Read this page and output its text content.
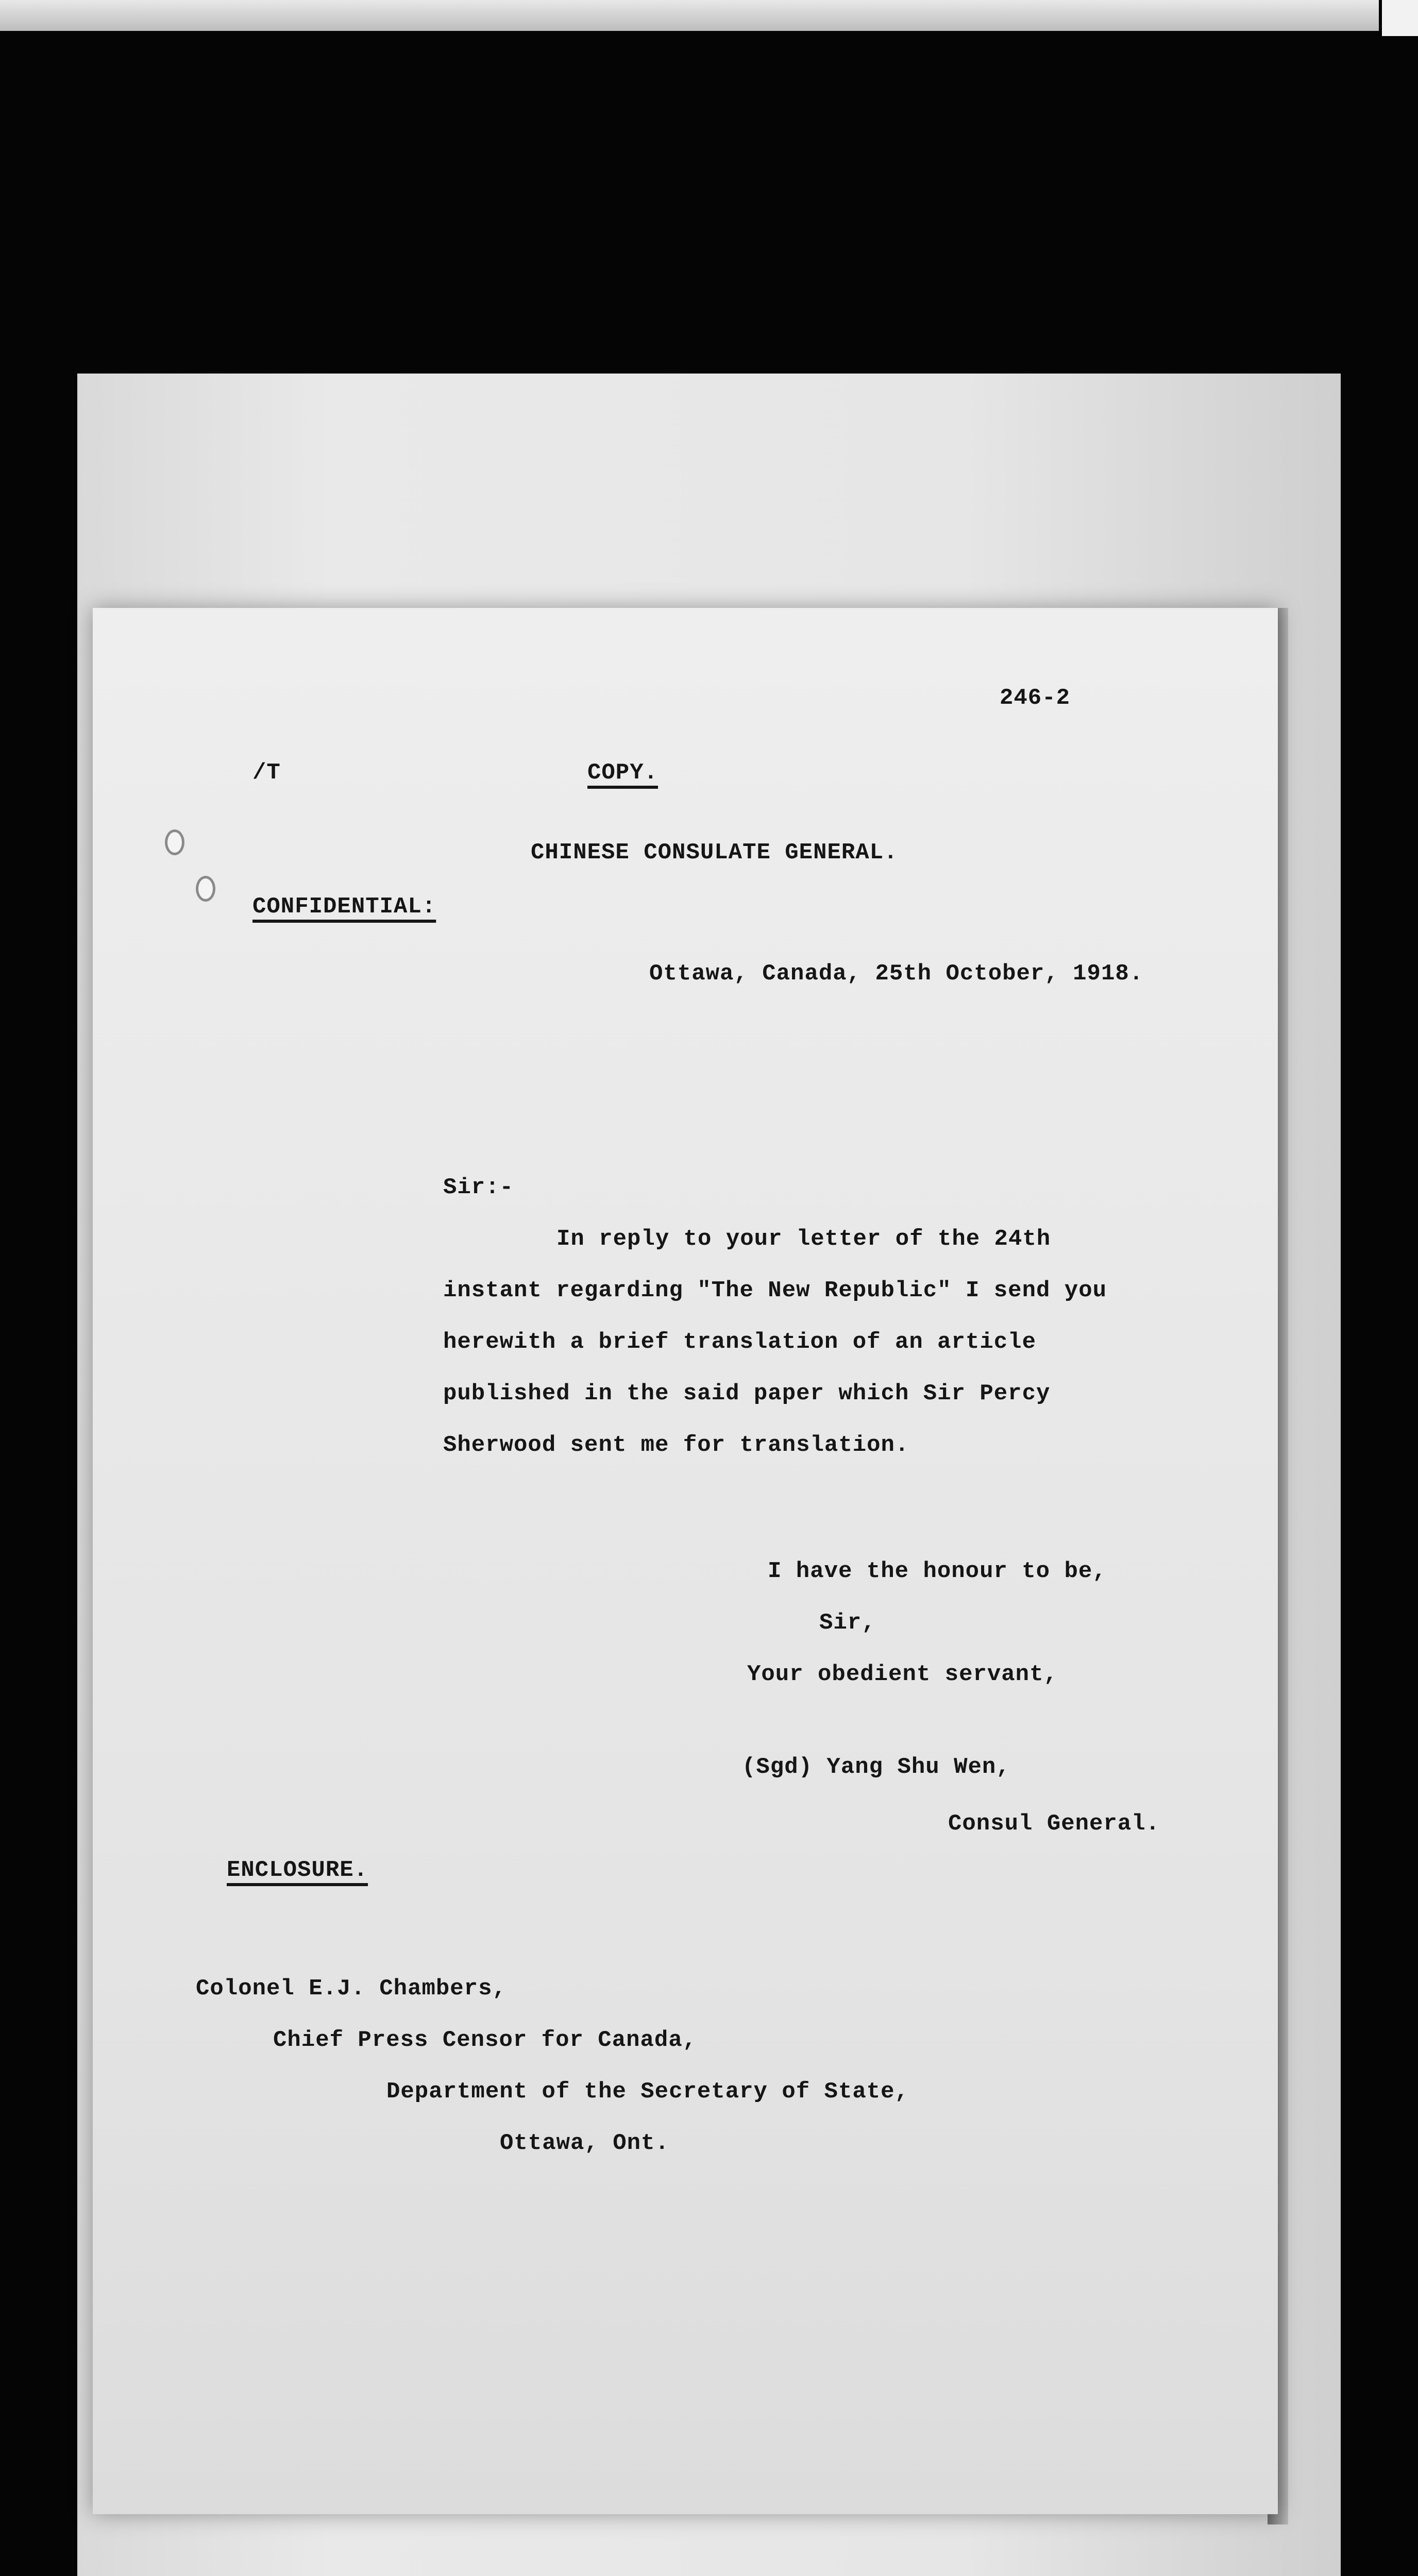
246-2
/T	COPY.
CHINESE CONSULATE GENERAL.
CONFIDENTIAL:
Ottawa, Canada, 25th October, 1918.
Sir:-
In reply to your letter of the 24th
instant regarding "The New Republic" I send you
herewith a brief translation of an article
published in the said paper which Sir Percy
Sherwood sent me for translation.
I have the honour to be,
Sir,
Your obedient servant,
(Sgd) Yang Shu Wen,
Consul General.
ENCLOSURE.
Colonel E.J. Chambers,
Chief Press Censor for Canada,
Department of the Secretary of State,
Ottawa, Ont.
